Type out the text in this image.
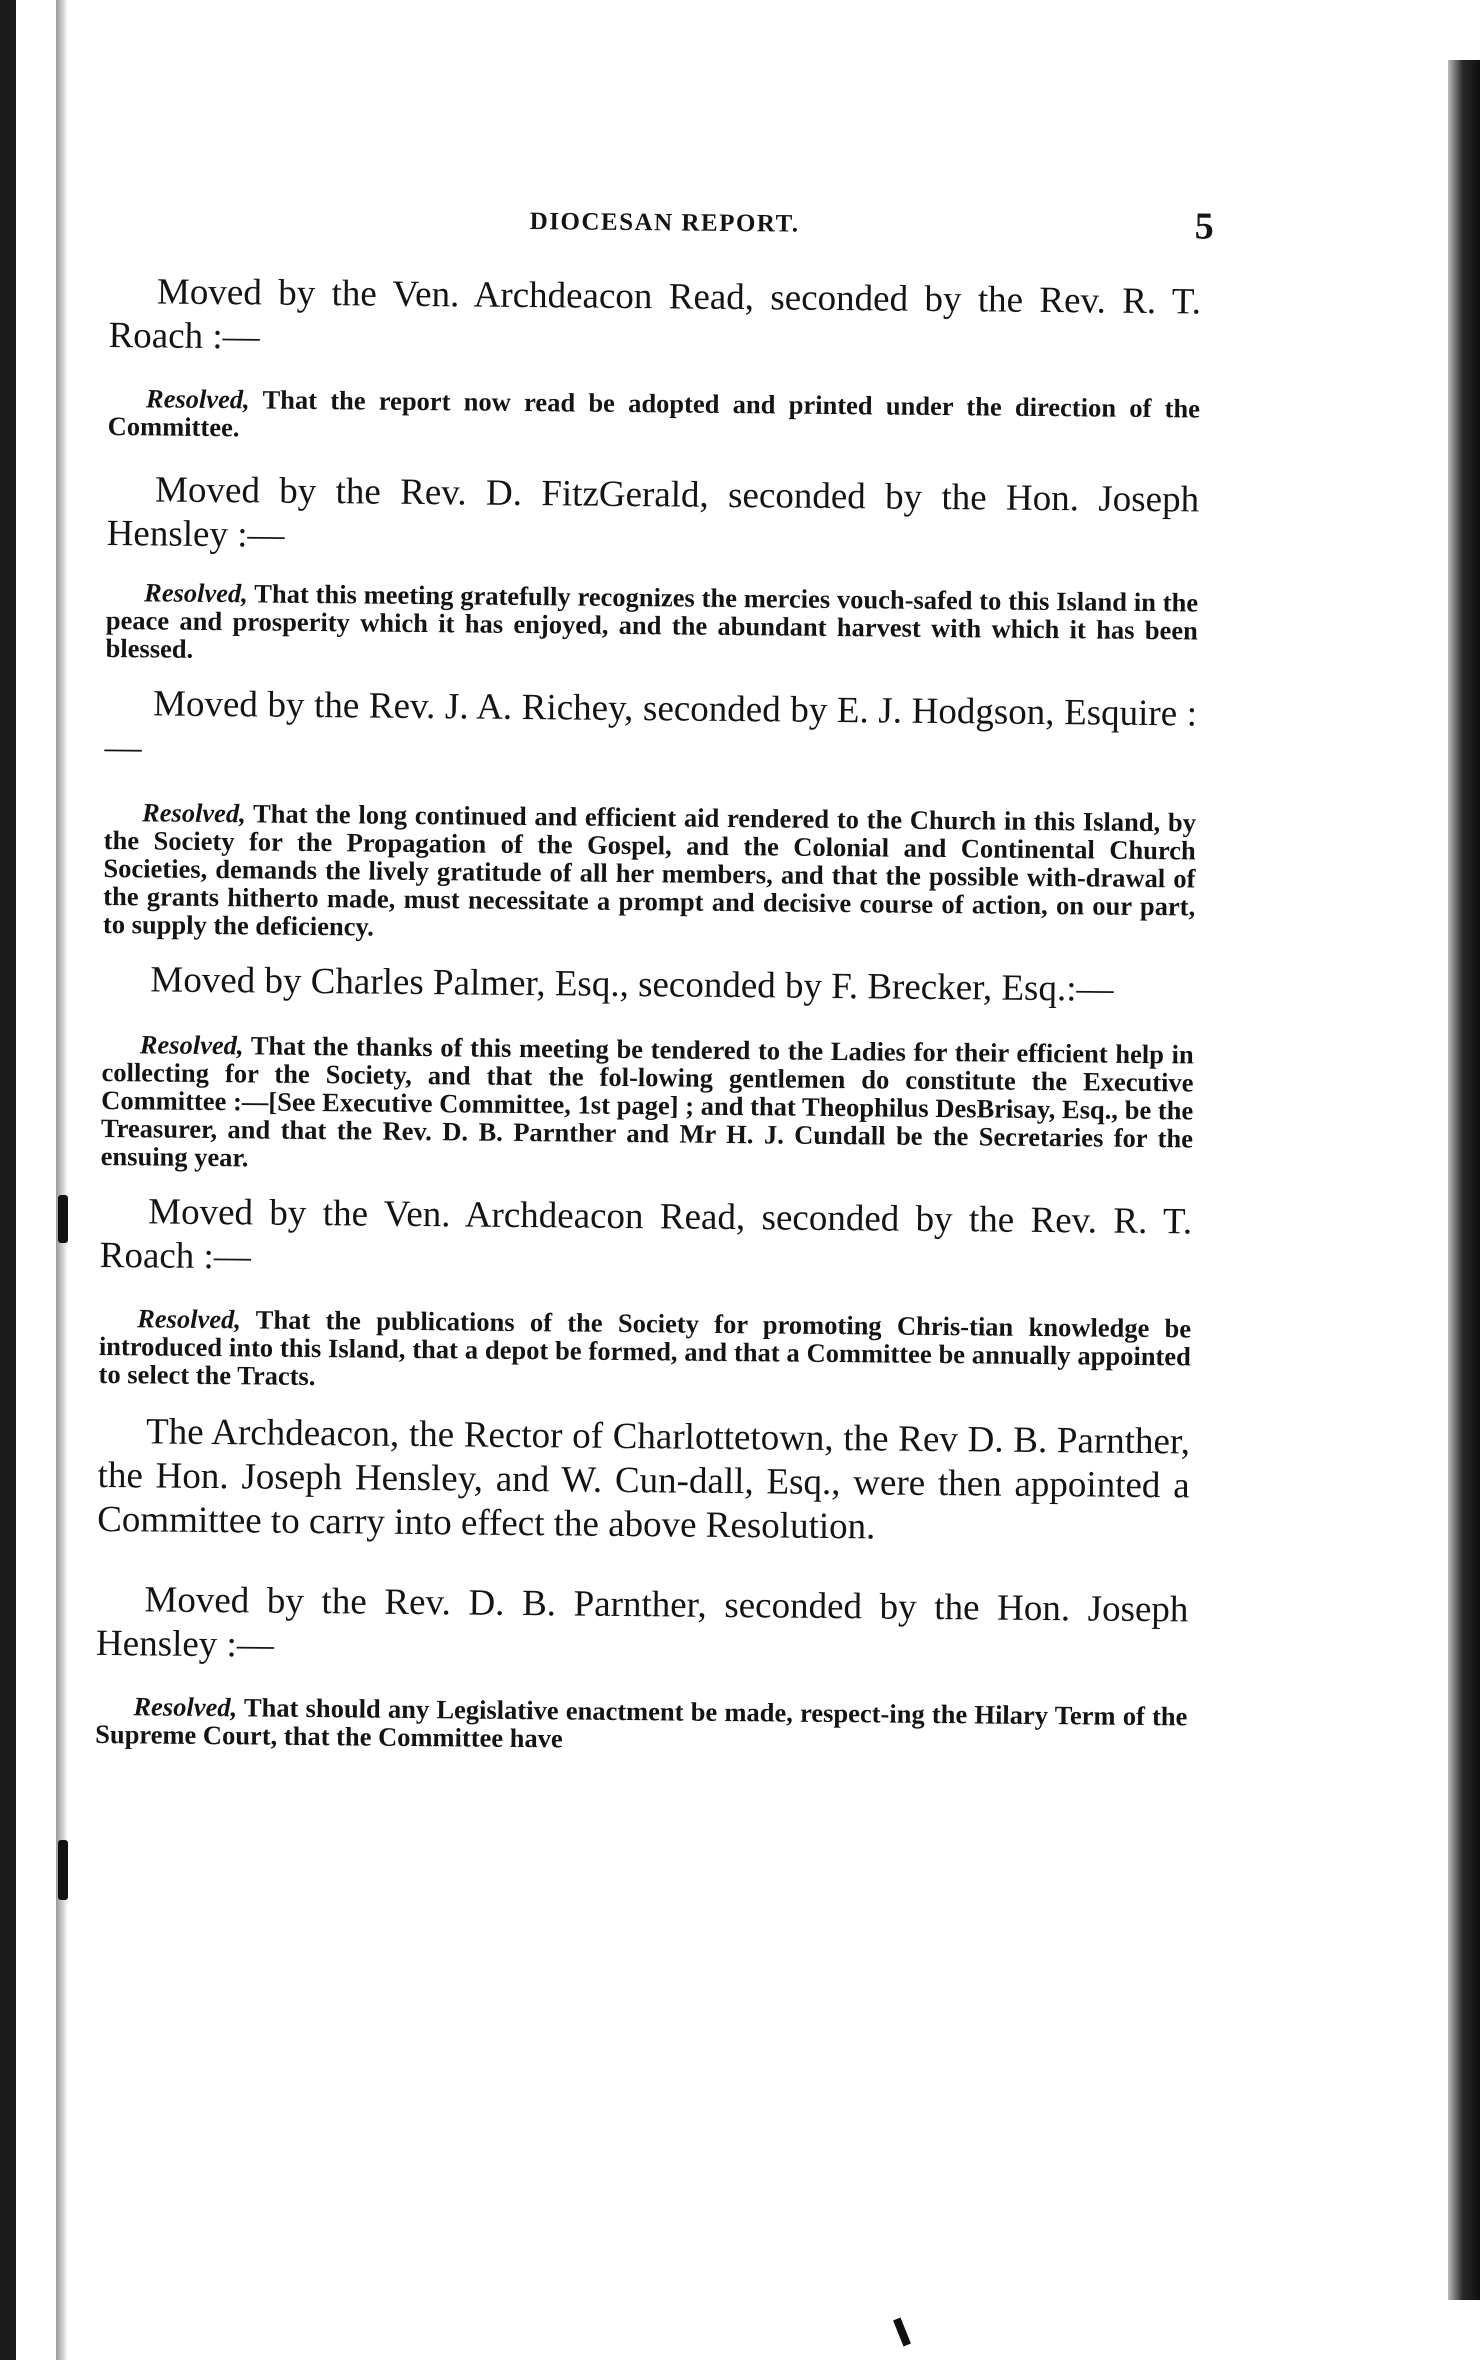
DIOCESAN REPORT.	5

Moved by the Ven. Archdeacon Read, seconded by the Rev. R. T. Roach :—

Resolved, That the report now read be adopted and printed under the direction of the Committee.

Moved by the Rev. D. FitzGerald, seconded by the Hon. Joseph Hensley :—

Resolved, That this meeting gratefully recognizes the mercies vouch-safed to this Island in the peace and prosperity which it has enjoyed, and the abundant harvest with which it has been blessed.

Moved by the Rev. J. A. Richey, seconded by E. J. Hodgson, Esquire :—

Resolved, That the long continued and efficient aid rendered to the Church in this Island, by the Society for the Propagation of the Gospel, and the Colonial and Continental Church Societies, demands the lively gratitude of all her members, and that the possible with-drawal of the grants hitherto made, must necessitate a prompt and decisive course of action, on our part, to supply the deficiency.

Moved by Charles Palmer, Esq., seconded by F. Brecker, Esq.:—

Resolved, That the thanks of this meeting be tendered to the Ladies for their efficient help in collecting for the Society, and that the fol-lowing gentlemen do constitute the Executive Committee :—[See Executive Committee, 1st page] ; and that Theophilus DesBrisay, Esq., be the Treasurer, and that the Rev. D. B. Parnther and Mr H. J. Cundall be the Secretaries for the ensuing year.

Moved by the Ven. Archdeacon Read, seconded by the Rev. R. T. Roach :—

Resolved, That the publications of the Society for promoting Chris-tian knowledge be introduced into this Island, that a depot be formed, and that a Committee be annually appointed to select the Tracts.

The Archdeacon, the Rector of Charlottetown, the Rev D. B. Parnther, the Hon. Joseph Hensley, and W. Cun-dall, Esq., were then appointed a Committee to carry into effect the above Resolution.

Moved by the Rev. D. B. Parnther, seconded by the Hon. Joseph Hensley :—

Resolved, That should any Legislative enactment be made, respect-ing the Hilary Term of the Supreme Court, that the Committee have
